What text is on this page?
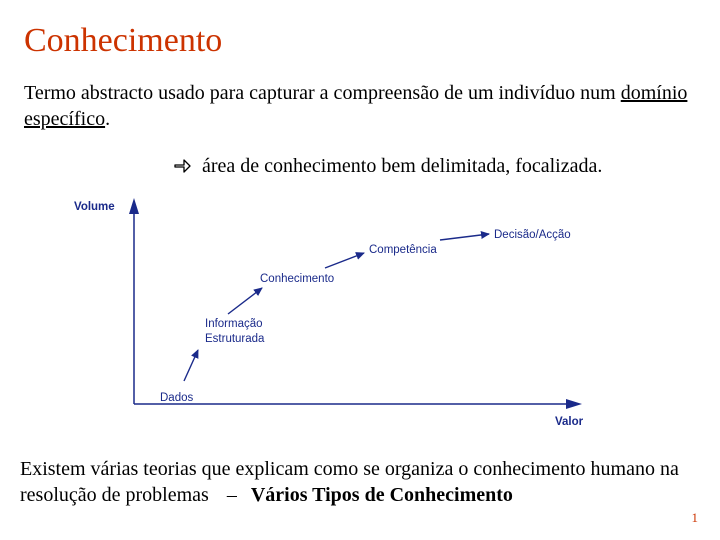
Conhecimento
Termo abstracto usado para capturar a compreensão de um indivíduo num domínio específico.
área de conhecimento bem delimitada, focalizada.
Volume
Valor
Dados
Informação
Estruturada
Conhecimento
Competência
Decisão/Acção
Existem várias teorias que explicam como se organiza o conhecimento humano na resolução de problemas – Vários Tipos de Conhecimento
1
